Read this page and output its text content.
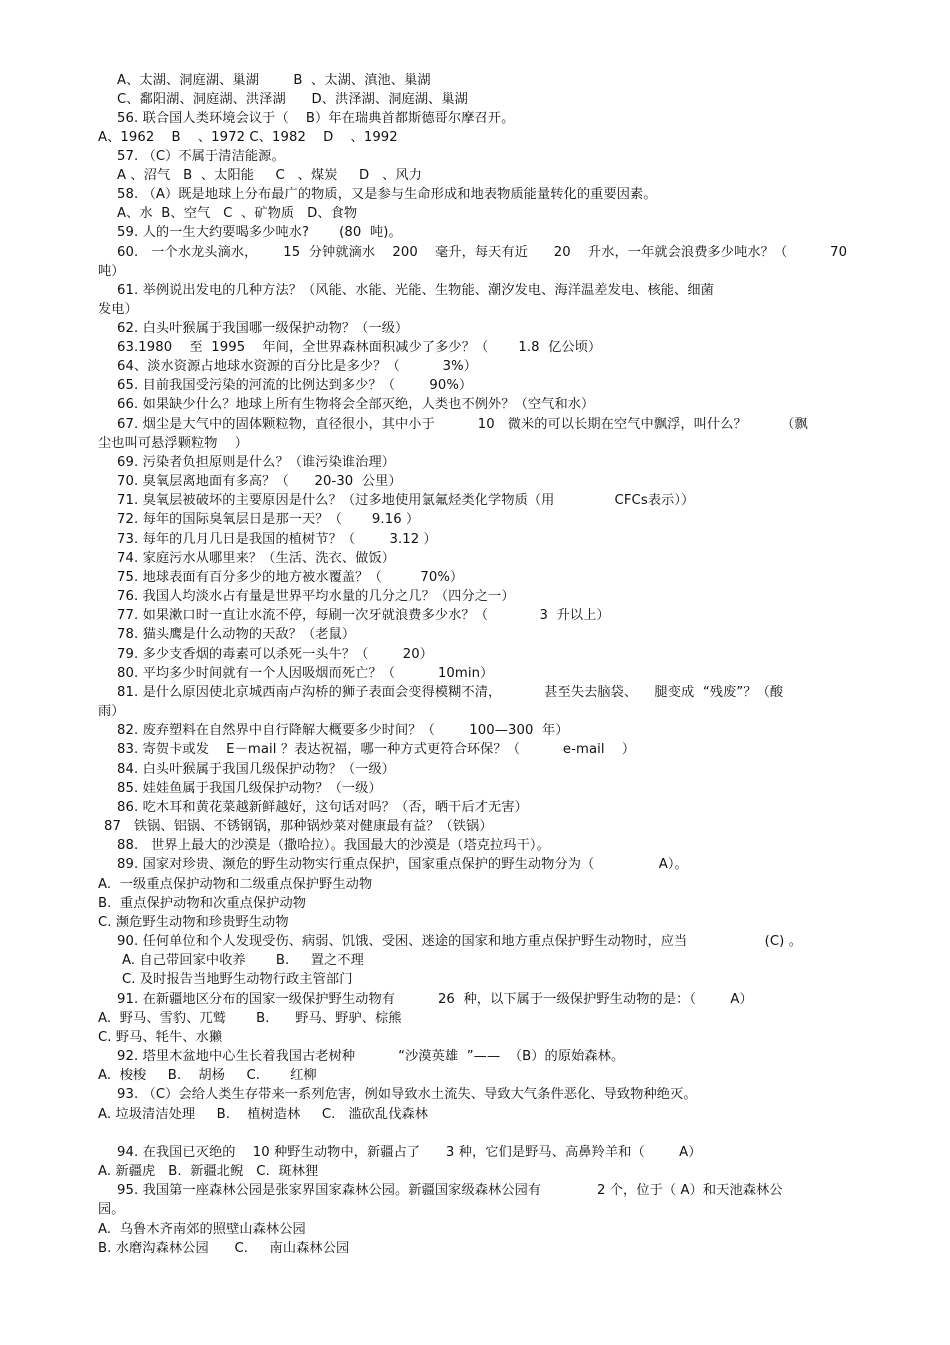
A、太湖、洞庭湖、巢湖        B  、太湖、滇池、巢湖
C、鄱阳湖、洞庭湖、洪泽湖      D、洪泽湖、洞庭湖、巢湖
56. 联合国人类环境会议于（    B）年在瑞典首都斯德哥尔摩召开。
A、1962    B    、1972 C、1982    D    、1992
57. （C）不属于清洁能源。
A 、沼气   B  、太阳能     C   、煤炭     D   、风力
58. （A）既是地球上分布最广的物质，又是参与生命形成和地表物质能量转化的重要因素。
A、水  B、空气   C  、矿物质   D、食物
59. 人的一生大约要喝多少吨水?       (80  吨)。
60.   一个水龙头滴水，      15  分钟就滴水    200    毫升，每天有近      20    升水，一年就会浪费多少吨水？（          70
吨）
61. 举例说出发电的几种方法？（风能、水能、光能、生物能、潮汐发电、海洋温差发电、核能、细菌
发电）
62. 白头叶猴属于我国哪一级保护动物？（一级）
63.1980    至  1995    年间，全世界森林面积减少了多少？（       1.8  亿公顷）
64、淡水资源占地球水资源的百分比是多少？（          3%）
65. 目前我国受污染的河流的比例达到多少？（        90%）
66. 如果缺少什么？地球上所有生物将会全部灭绝，人类也不例外？（空气和水）
67. 烟尘是大气中的固体颗粒物，直径很小，其中小于          10   微米的可以长期在空气中飘浮，叫什么？        （飘
尘也叫可悬浮颗粒物    ）
69. 污染者负担原则是什么？（谁污染谁治理）
70. 臭氧层离地面有多高？（      20-30  公里）
71. 臭氧层被破坏的主要原因是什么？（过多地使用氯氟烃类化学物质（用              CFCs表示））
72. 每年的国际臭氧层日是那一天？（       9.16 ）
73. 每年的几月几日是我国的植树节？（        3.12 ）
74. 家庭污水从哪里来？（生活、洗衣、做饭）
75. 地球表面有百分多少的地方被水覆盖？（         70%）
76. 我国人均淡水占有量是世界平均水量的几分之几？（四分之一）
77. 如果漱口时一直让水流不停，每刷一次牙就浪费多少水？（            3  升以上）
78. 猫头鹰是什么动物的天敌？（老鼠）
79. 多少支香烟的毒素可以杀死一头牛？（        20）
80. 平均多少时间就有一个人因吸烟而死亡？（          10min）
81. 是什么原因使北京城西南卢沟桥的狮子表面会变得模糊不清，          甚至失去脑袋、    腿变成  “残废”？（酸
雨）
82. 废弃塑料在自然界中自行降解大概要多少时间？（        100—300  年）
83. 寄贺卡或发    E－mail ？表达祝福，哪一种方式更符合环保？（          e-mail    ）
84. 白头叶猴属于我国几级保护动物？（一级）
85. 娃娃鱼属于我国几级保护动物？（一级）
86. 吃木耳和黄花菜越新鲜越好，这句话对吗？（否，晒干后才无害）
87   铁锅、铝锅、不锈钢锅，那种锅炒菜对健康最有益？（铁锅）
88.   世界上最大的沙漠是（撒哈拉）。我国最大的沙漠是（塔克拉玛干）。
89. 国家对珍贵、濒危的野生动物实行重点保护，国家重点保护的野生动物分为（               A）。
A.  一级重点保护动物和二级重点保护野生动物
B.  重点保护动物和次重点保护动物
C. 濒危野生动物和珍贵野生动物
90. 任何单位和个人发现受伤、病弱、饥饿、受困、迷途的国家和地方重点保护野生动物时，应当                  (C) 。
A. 自己带回家中收养       B.     置之不理
C. 及时报告当地野生动物行政主管部门
91. 在新疆地区分布的国家一级保护野生动物有          26  种，以下属于一级保护野生动物的是：（        A）
A.  野马、雪豹、兀鹫       B.      野马、野驴、棕熊
C. 野马、牦牛、水獭
92. 塔里木盆地中心生长着我国古老树种          “沙漠英雄  ”——  （B）的原始森林。
A.  梭梭     B.    胡杨     C.       红柳
93. （C）会给人类生存带来一系列危害，例如导致水土流失、导致大气条件恶化、导致物种绝灭。
A. 垃圾清洁处理     B.    植树造林     C.   滥砍乱伐森林
94. 在我国已灭绝的    10 种野生动物中，新疆占了      3 种，它们是野马、高鼻羚羊和（        A）
A. 新疆虎   B.  新疆北鲵   C.  斑林狸
95. 我国第一座森林公园是张家界国家森林公园。新疆国家级森林公园有             2 个，位于（ A）和天池森林公
园。
A.  乌鲁木齐南郊的照壁山森林公园
B. 水磨沟森林公园      C.     南山森林公园
